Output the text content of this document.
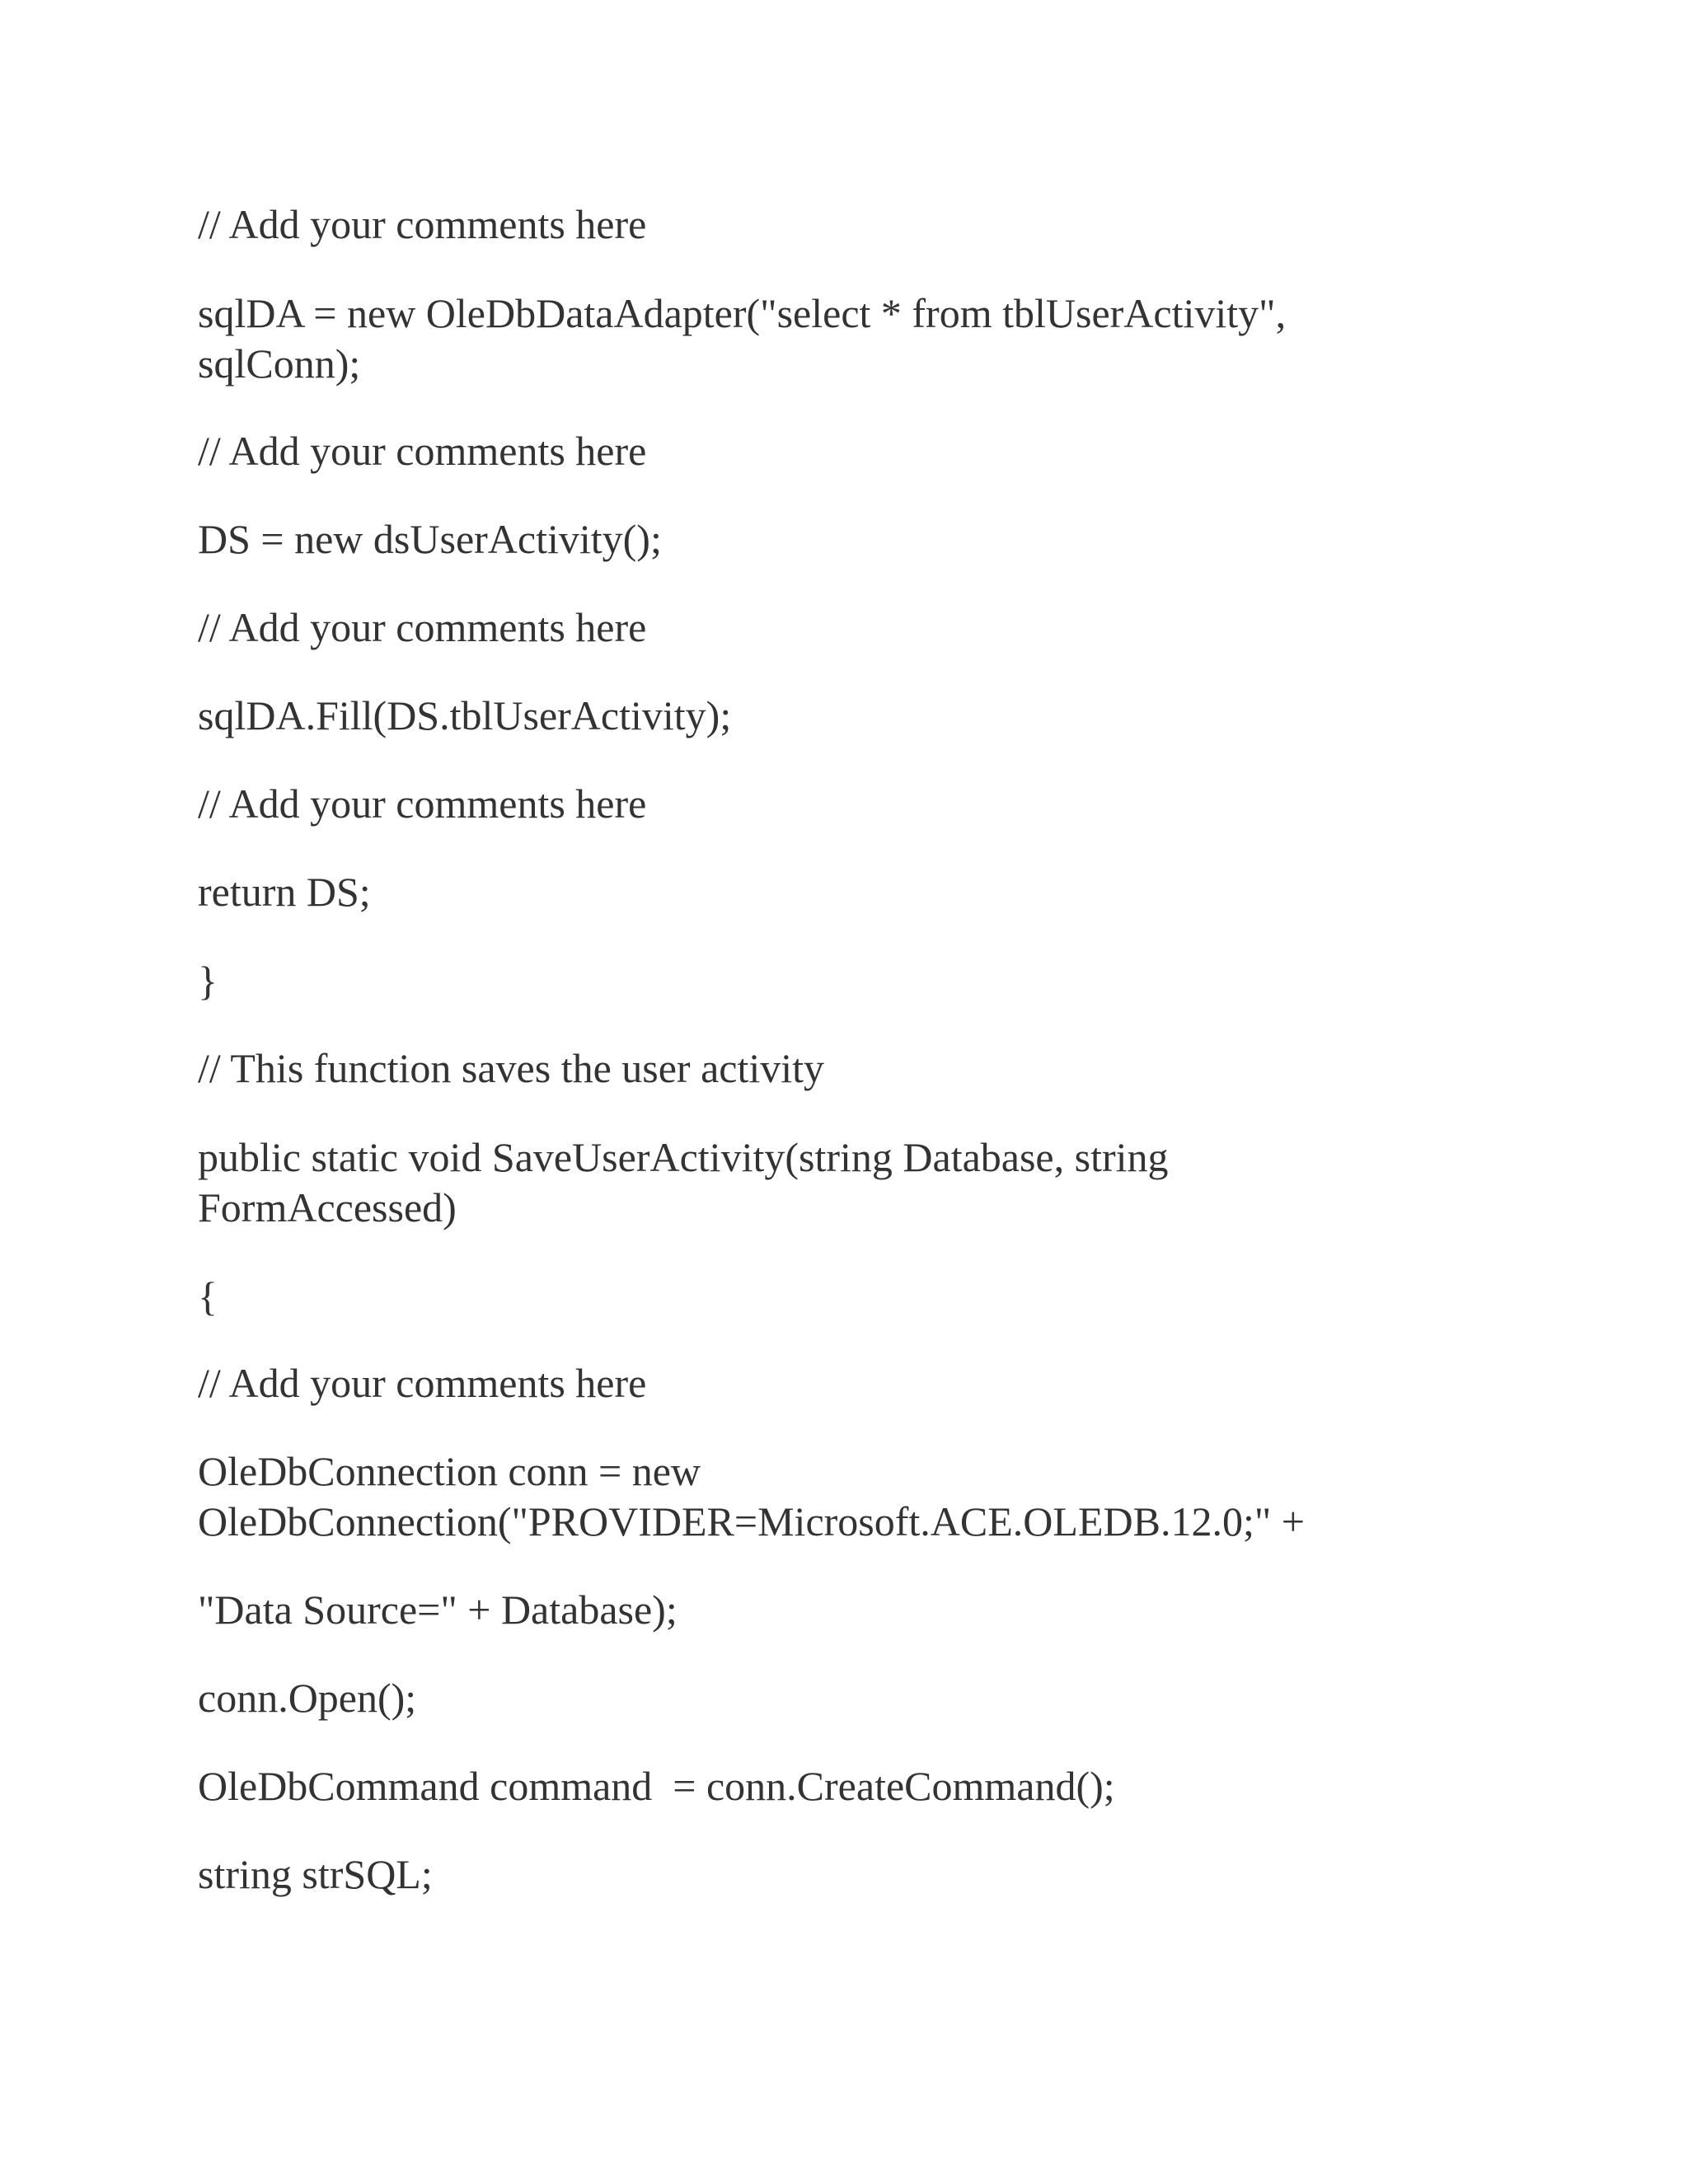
// Add your comments here

sqlDA = new OleDbDataAdapter("select * from tblUserActivity",

sqlConn);

// Add your comments here

DS = new dsUserActivity();

// Add your comments here

sqlDA.Fill(DS.tblUserActivity);

// Add your comments here

return DS;

}

// This function saves the user activity

public static void SaveUserActivity(string Database, string

FormAccessed)

{

// Add your comments here

OleDbConnection conn = new

OleDbConnection("PROVIDER=Microsoft.ACE.OLEDB.12.0;" +

"Data Source=" + Database);

conn.Open();

OleDbCommand command  = conn.CreateCommand();

string strSQL;
